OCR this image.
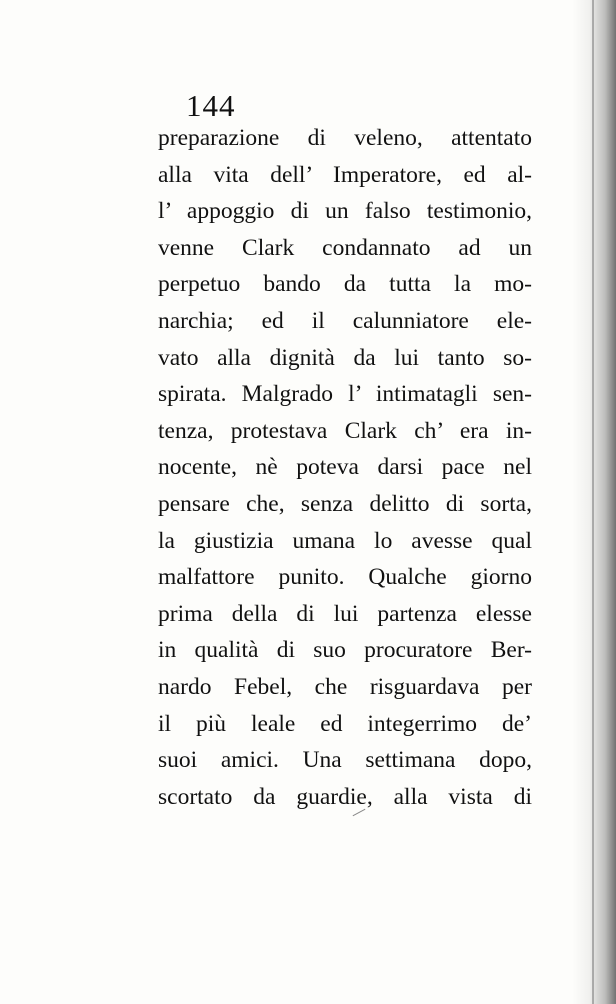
144
preparazione di veleno, attentato
alla vita dell’ Imperatore, ed al-
l’ appoggio di un falso testimonio,
venne Clark condannato ad un
perpetuo bando da tutta la mo-
narchia; ed il calunniatore ele-
vato alla dignità da lui tanto so-
spirata. Malgrado l’ intimatagli sen-
tenza, protestava Clark ch’ era in-
nocente, nè poteva darsi pace nel
pensare che, senza delitto di sorta,
la giustizia umana lo avesse qual
malfattore punito. Qualche giorno
prima della di lui partenza elesse
in qualità di suo procuratore Ber-
nardo Febel, che risguardava per
il più leale ed integerrimo de’
suoi amici. Una settimana dopo,
scortato da guardie, alla vista di
